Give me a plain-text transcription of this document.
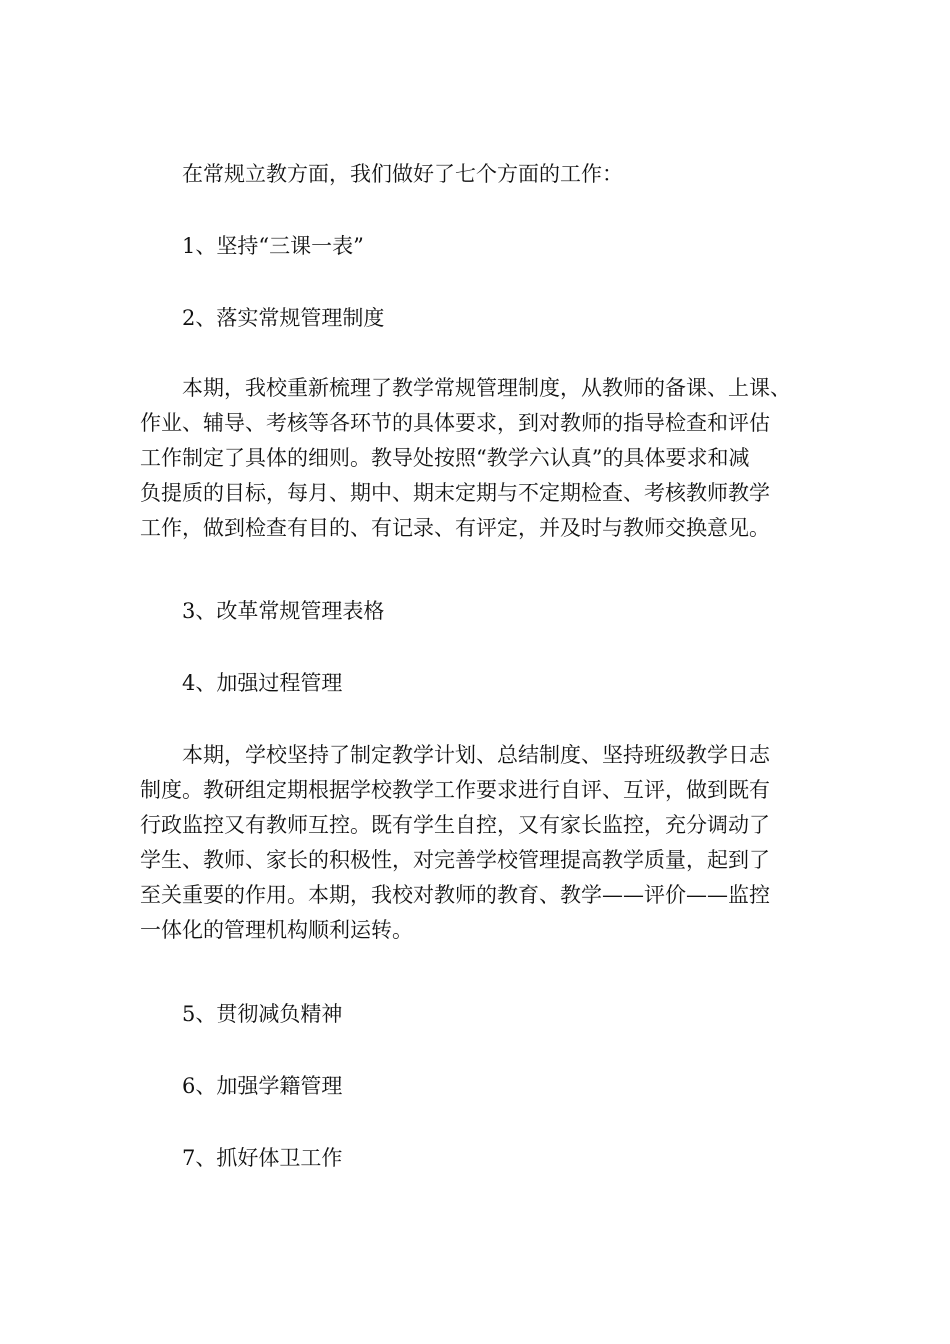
在常规立教方面，我们做好了七个方面的工作：

1、坚持“三课一表”

2、落实常规管理制度

本期，我校重新梳理了教学常规管理制度，从教师的备课、上课、
作业、辅导、考核等各环节的具体要求，到对教师的指导检查和评估
工作制定了具体的细则。教导处按照“教学六认真”的具体要求和减
负提质的目标，每月、期中、期末定期与不定期检查、考核教师教学
工作，做到检查有目的、有记录、有评定，并及时与教师交换意见。

3、改革常规管理表格

4、加强过程管理

本期，学校坚持了制定教学计划、总结制度、坚持班级教学日志
制度。教研组定期根据学校教学工作要求进行自评、互评，做到既有
行政监控又有教师互控。既有学生自控，又有家长监控，充分调动了
学生、教师、家长的积极性，对完善学校管理提高教学质量，起到了
至关重要的作用。本期，我校对教师的教育、教学——评价——监控
一体化的管理机构顺利运转。

5、贯彻减负精神

6、加强学籍管理

7、抓好体卫工作
